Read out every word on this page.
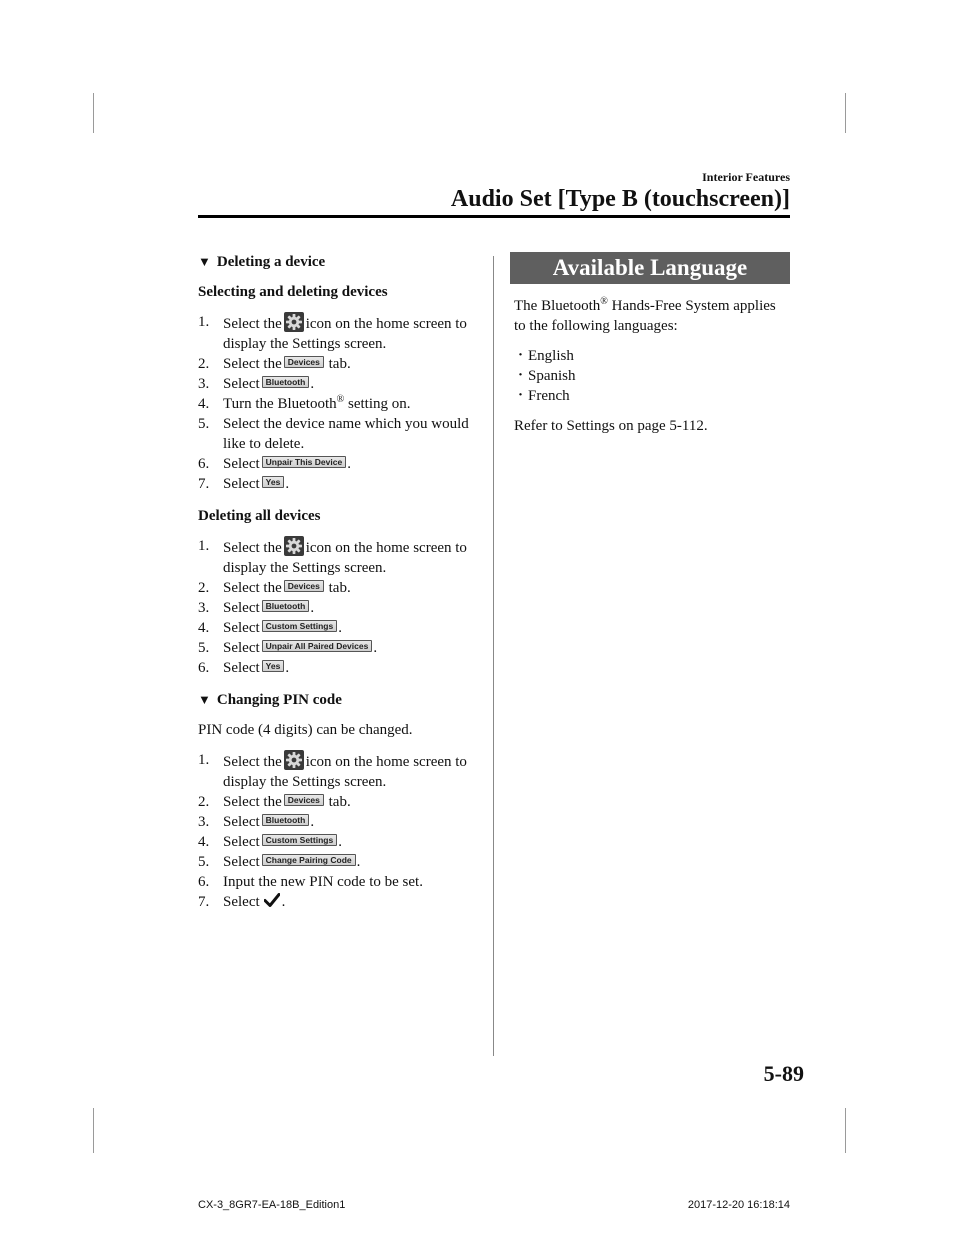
Interior Features
Audio Set [Type B (touchscreen)]
▼ Deleting a device
Selecting and deleting devices
1. Select the icon on the home screen to display the Settings screen.
2. Select the Devices tab.
3. Select Bluetooth .
4. Turn the Bluetooth® setting on.
5. Select the device name which you would like to delete.
6. Select Unpair This Device .
7. Select Yes .
Deleting all devices
1. Select the icon on the home screen to display the Settings screen.
2. Select the Devices tab.
3. Select Bluetooth .
4. Select Custom Settings .
5. Select Unpair All Paired Devices .
6. Select Yes .
▼ Changing PIN code
PIN code (4 digits) can be changed.
1. Select the icon on the home screen to display the Settings screen.
2. Select the Devices tab.
3. Select Bluetooth .
4. Select Custom Settings .
5. Select Change Pairing Code .
6. Input the new PIN code to be set.
7. Select .
Available Language
The Bluetooth® Hands-Free System applies to the following languages:
· English
· Spanish
· French
Refer to Settings on page 5-112.
5-89
CX-3_8GR7-EA-18B_Edition1	2017-12-20 16:18:14
